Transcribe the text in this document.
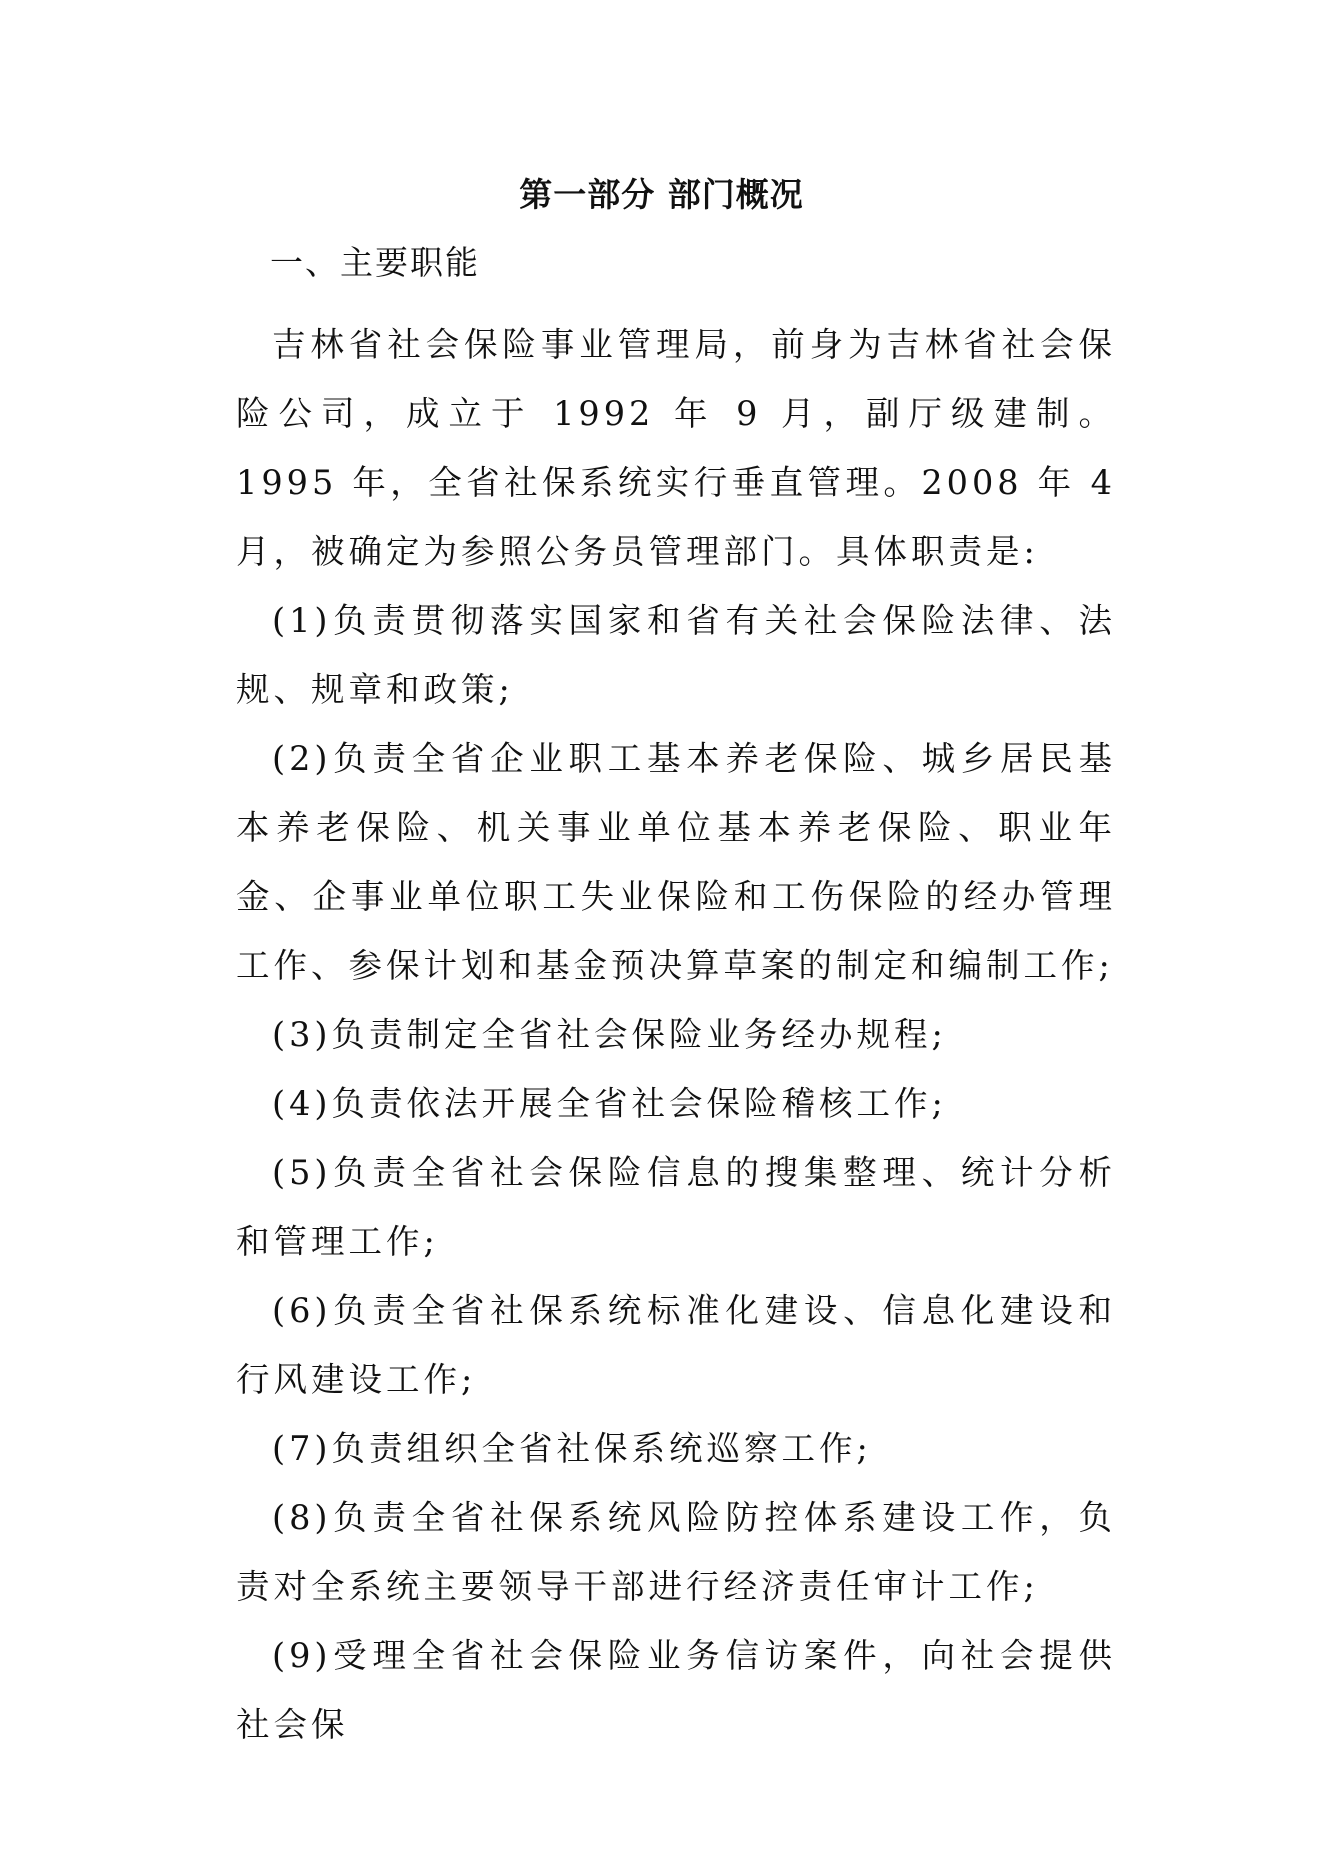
第一部分 部门概况
一、主要职能

吉林省社会保险事业管理局，前身为吉林省社会保险公司，成立于 1992 年 9 月，副厅级建制。1995 年，全省社保系统实行垂直管理。2008 年 4 月，被确定为参照公务员管理部门。具体职责是:

(1)负责贯彻落实国家和省有关社会保险法律、法规、规章和政策;

(2)负责全省企业职工基本养老保险、城乡居民基本养老保险、机关事业单位基本养老保险、职业年金、企事业单位职工失业保险和工伤保险的经办管理工作、参保计划和基金预决算草案的制定和编制工作;

(3)负责制定全省社会保险业务经办规程;

(4)负责依法开展全省社会保险稽核工作;

(5)负责全省社会保险信息的搜集整理、统计分析和管理工作;

(6)负责全省社保系统标准化建设、信息化建设和行风建设工作;

(7)负责组织全省社保系统巡察工作;

(8)负责全省社保系统风险防控体系建设工作，负责对全系统主要领导干部进行经济责任审计工作;

(9)受理全省社会保险业务信访案件，向社会提供社会保
